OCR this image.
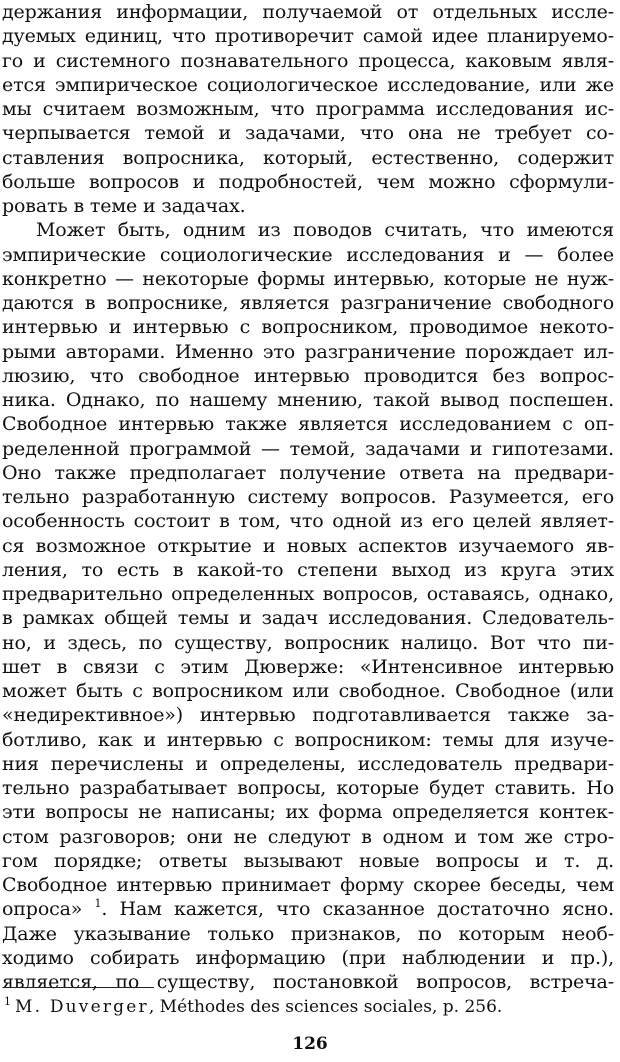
держания информации, получаемой от отдельных иссле-
дуемых единиц, что противоречит самой идее планируемо-
го и системного познавательного процесса, каковым явля-
ется эмпирическое социологическое исследование, или же
мы считаем возможным, что программа исследования ис-
черпывается темой и задачами, что она не требует со-
ставления вопросника, который, естественно, содержит
больше вопросов и подробностей, чем можно сформули-
ровать в теме и задачах.
Может быть, одним из поводов считать, что имеются
эмпирические социологические исследования и — более
конкретно — некоторые формы интервью, которые не нуж-
даются в вопроснике, является разграничение свободного
интервью и интервью с вопросником, проводимое некото-
рыми авторами. Именно это разграничение порождает ил-
люзию, что свободное интервью проводится без вопрос-
ника. Однако, по нашему мнению, такой вывод поспешен.
Свободное интервью также является исследованием с оп-
ределенной программой — темой, задачами и гипотезами.
Оно также предполагает получение ответа на предвари-
тельно разработанную систему вопросов. Разумеется, его
особенность состоит в том, что одной из его целей являет-
ся возможное открытие и новых аспектов изучаемого яв-
ления, то есть в какой-то степени выход из круга этих
предварительно определенных вопросов, оставаясь, однако,
в рамках общей темы и задач исследования. Следователь-
но, и здесь, по существу, вопросник налицо. Вот что пи-
шет в связи с этим Дюверже: «Интенсивное интервью
может быть с вопросником или свободное. Свободное (или
«недирективное») интервью подготавливается также за-
ботливо, как и интервью с вопросником: темы для изуче-
ния перечислены и определены, исследователь предвари-
тельно разрабатывает вопросы, которые будет ставить. Но
эти вопросы не написаны; их форма определяется контек-
стом разговоров; они не следуют в одном и том же стро-
гом порядке; ответы вызывают новые вопросы и т. д.
Свободное интервью принимает форму скорее беседы, чем
опроса» $^1$. Нам кажется, что сказанное достаточно ясно.
Даже указывание только признаков, по которым необ-
ходимо собирать информацию (при наблюдении и пр.),
является, по существу, постановкой вопросов, встреча-
$^1$ M. Duverger, Méthodes des sciences sociales, p. 256.
126
